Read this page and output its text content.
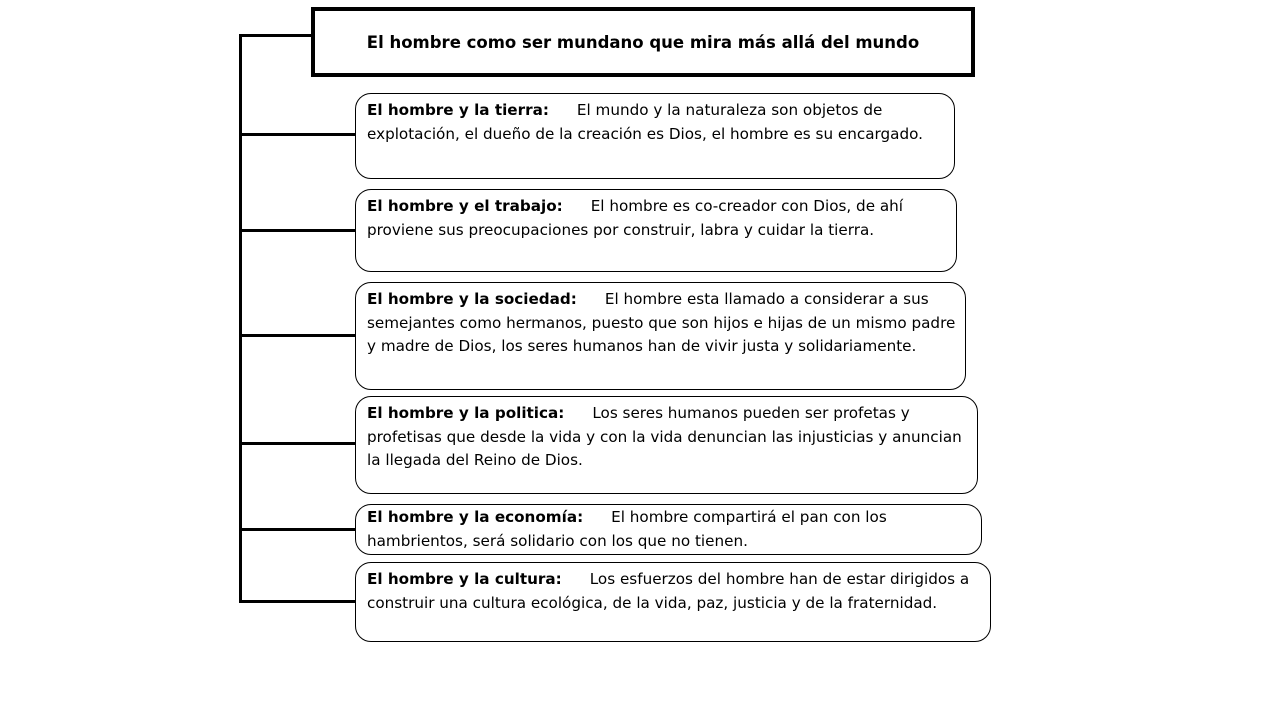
El hombre como ser mundano que mira más allá del mundo
El hombre y la tierra: El mundo y la naturaleza son objetos de explotación, el dueño de la creación es Dios, el hombre es su encargado.
El hombre y el trabajo: El hombre es co-creador con Dios, de ahí proviene sus preocupaciones por construir, labra y cuidar la tierra.
El hombre y la sociedad: El hombre esta llamado a considerar a sus semejantes como hermanos, puesto que son hijos e hijas de un mismo padre y madre de Dios, los seres humanos han de vivir justa y solidariamente.
El hombre y la politica: Los seres humanos pueden ser profetas y profetisas que desde la vida y con la vida denuncian las injusticias y anuncian la llegada del Reino de Dios.
El hombre y la economía: El hombre compartirá el pan con los hambrientos, será solidario con los que no tienen.
El hombre y la cultura: Los esfuerzos del hombre han de estar dirigidos a construir una cultura ecológica, de la vida, paz, justicia y de la fraternidad.
